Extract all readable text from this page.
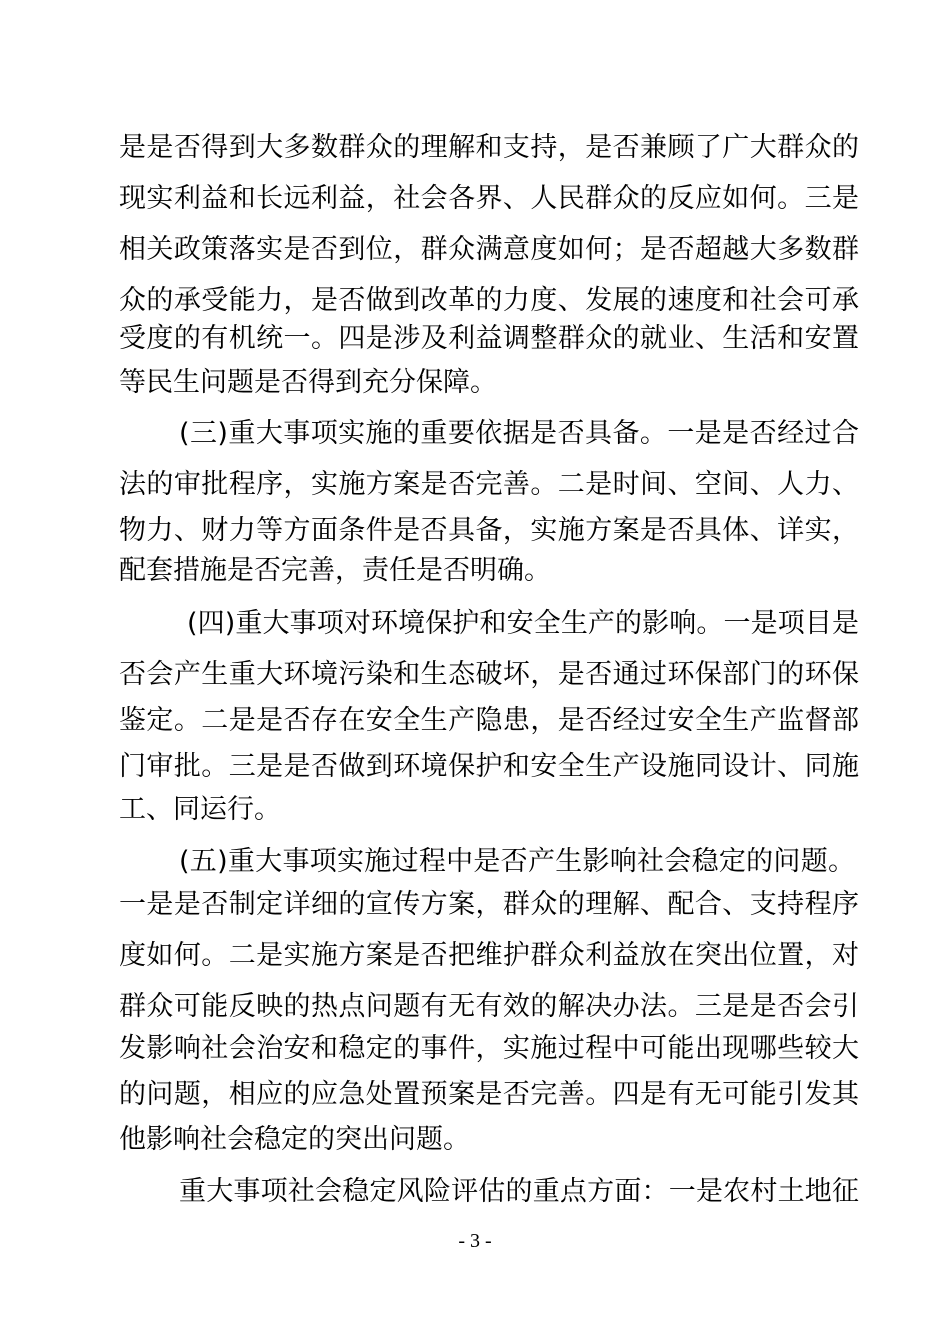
是是否得到大多数群众的理解和支持，是否兼顾了广大群众的
现实利益和长远利益，社会各界、人民群众的反应如何。三是
相关政策落实是否到位，群众满意度如何；是否超越大多数群
众的承受能力，是否做到改革的力度、发展的速度和社会可承
受度的有机统一。四是涉及利益调整群众的就业、生活和安置
等民生问题是否得到充分保障。
(三)重大事项实施的重要依据是否具备。一是是否经过合
法的审批程序，实施方案是否完善。二是时间、空间、人力、
物力、财力等方面条件是否具备，实施方案是否具体、详实，
配套措施是否完善，责任是否明确。
(四)重大事项对环境保护和安全生产的影响。一是项目是
否会产生重大环境污染和生态破坏，是否通过环保部门的环保
鉴定。二是是否存在安全生产隐患，是否经过安全生产监督部
门审批。三是是否做到环境保护和安全生产设施同设计、同施
工、同运行。
(五)重大事项实施过程中是否产生影响社会稳定的问题。
一是是否制定详细的宣传方案，群众的理解、配合、支持程序
度如何。二是实施方案是否把维护群众利益放在突出位置，对
群众可能反映的热点问题有无有效的解决办法。三是是否会引
发影响社会治安和稳定的事件，实施过程中可能出现哪些较大
的问题，相应的应急处置预案是否完善。四是有无可能引发其
他影响社会稳定的突出问题。
重大事项社会稳定风险评估的重点方面：一是农村土地征
- 3 -
